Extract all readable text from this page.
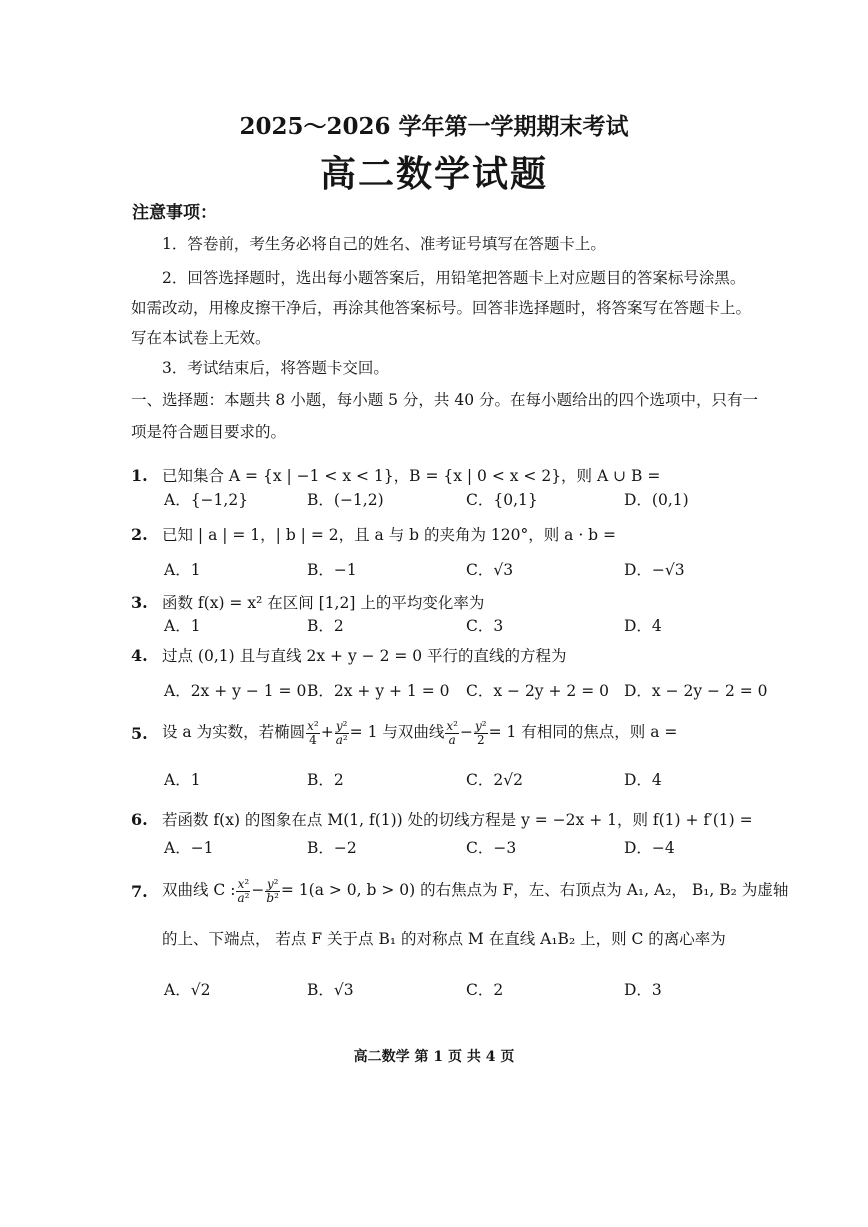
2025～2026 学年第一学期期末考试
高二数学试题
注意事项：
1．答卷前，考生务必将自己的姓名、准考证号填写在答题卡上。
2．回答选择题时，选出每小题答案后，用铅笔把答题卡上对应题目的答案标号涂黑。
如需改动，用橡皮擦干净后，再涂其他答案标号。回答非选择题时，将答案写在答题卡上。
写在本试卷上无效。
3．考试结束后，将答题卡交回。
一、选择题：本题共 8 小题，每小题 5 分，共 40 分。在每小题给出的四个选项中，只有一
项是符合题目要求的。
1. 已知集合 A = {x | −1 < x < 1}，B = {x | 0 < x < 2}，则 A ∪ B =
A．{−1,2}	B．(−1,2)	C．{0,1}	D．(0,1)
2. 已知 | a | = 1，| b | = 2，且 a 与 b 的夹角为 120°，则 a · b =
A．1	B．−1	C．√3	D．−√3
3. 函数 f(x) = x² 在区间 [1,2] 上的平均变化率为
A．1	B．2	C．3	D．4
4. 过点 (0,1) 且与直线 2x + y − 2 = 0 平行的直线的方程为
A．2x + y − 1 = 0 B．2x + y + 1 = 0 C．x − 2y + 2 = 0 D．x − 2y − 2 = 0
5. 设 a 为实数，若椭圆 $\frac{\text{x²}}{4} + \frac{\text{y²}}{\text{a²}} = 1$ 与双曲线 $\frac{\text{x²}}{a} - \frac{\text{y²}}{2} = 1$ 有相同的焦点，则 a =
A．1	B．2	C．2√2	D．4
6. 若函数 f(x) 的图象在点 M(1, f(1)) 处的切线方程是 y = −2x + 1，则 f(1) + f′(1) =
A．−1	B．−2	C．−3	D．−4
7. 双曲线 C : $\frac{\text{x²}}{\text{a²}} - \frac{\text{y²}}{\text{b²}} = 1(a > 0$, b > 0) 的右焦点为 F，左、右顶点为 A₁, A₂， B₁, B₂ 为虚轴
的上、下端点， 若点 F 关于点 B₁ 的对称点 M 在直线 A₁B₂ 上，则 C 的离心率为
A．√2	B．√3	C．2	D．3
高二数学 第 1 页 共 4 页
